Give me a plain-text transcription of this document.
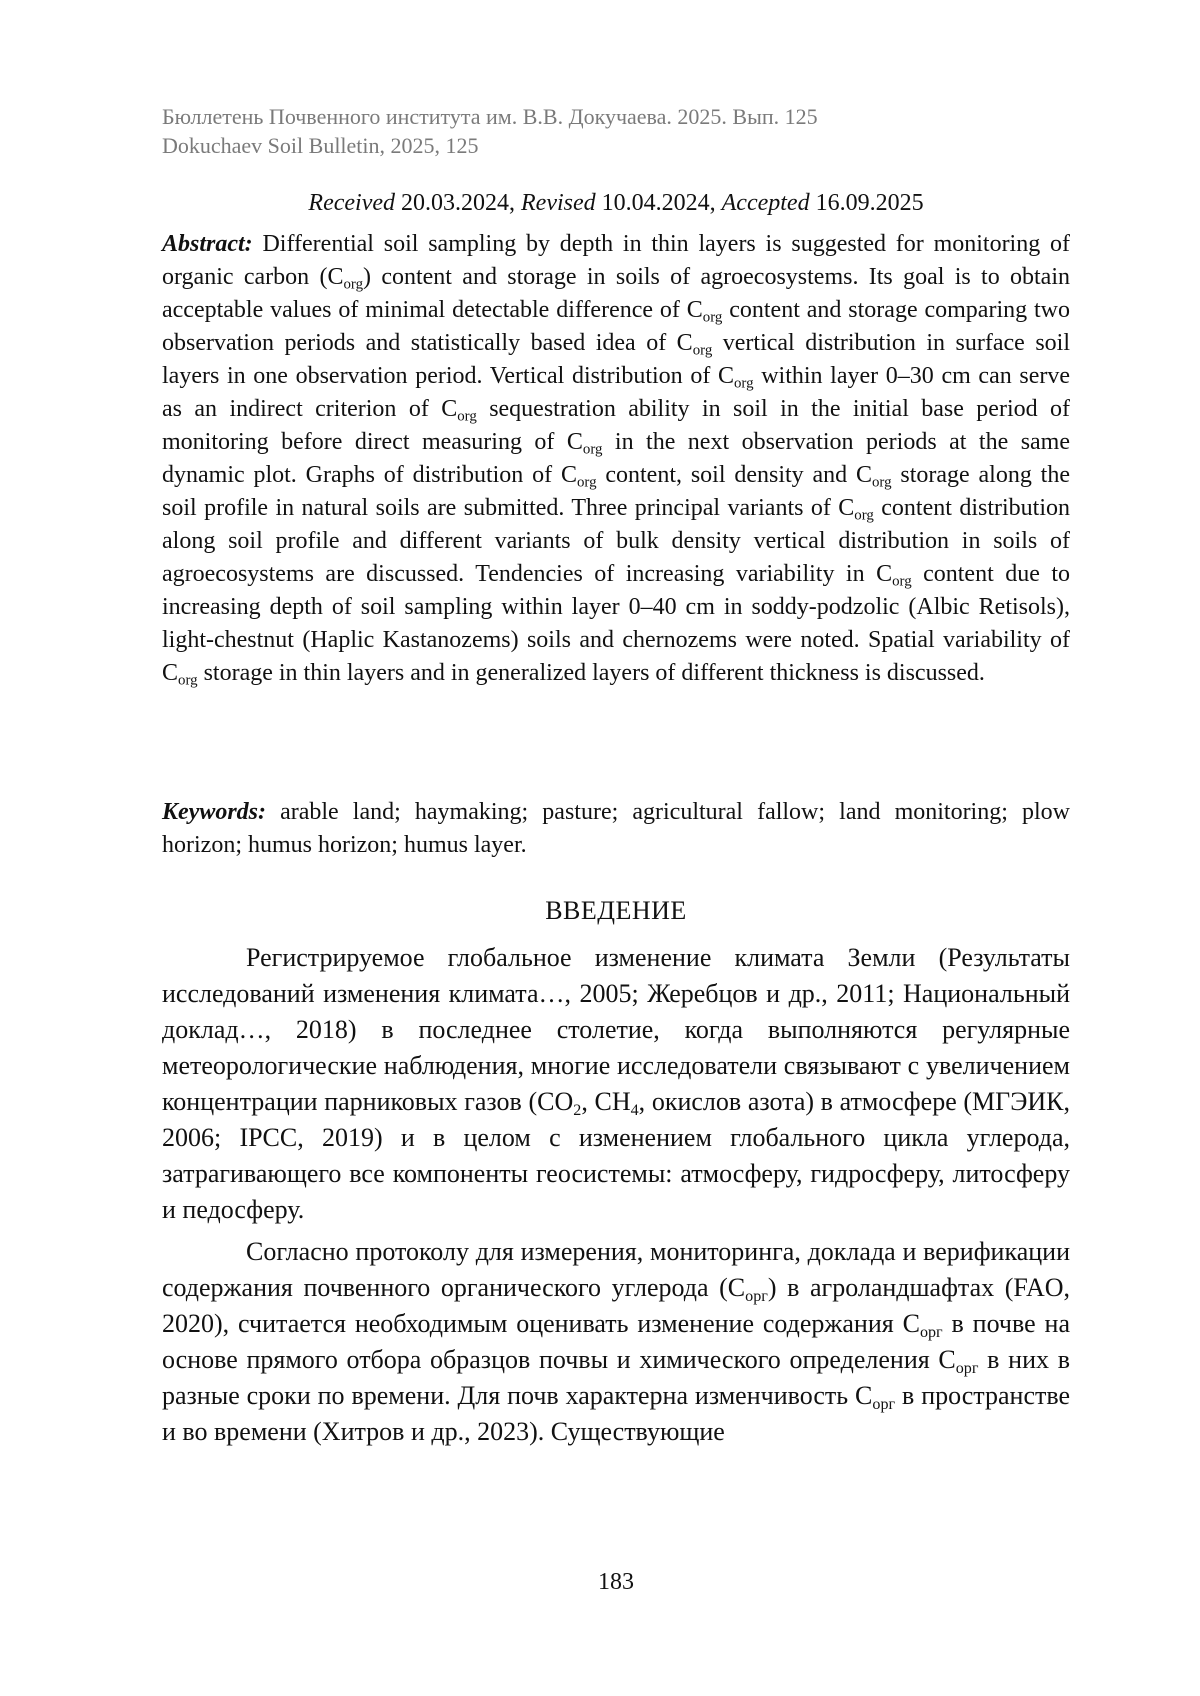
Бюллетень Почвенного института им. В.В. Докучаева. 2025. Вып. 125
Dokuchaev Soil Bulletin, 2025, 125
Received 20.03.2024, Revised 10.04.2024, Accepted 16.09.2025
Abstract: Differential soil sampling by depth in thin layers is suggested for monitoring of organic carbon $(C_{org})$ content and storage in soils of agroecosystems. Its goal is to obtain acceptable values of minimal detectable difference of $C_{org}$ content and storage comparing two observation periods and statistically based idea of $C_{org}$ vertical distribution in surface soil layers in one observation period. Vertical distribution of $C_{org}$ within layer 0–30 cm can serve as an indirect criterion of $C_{org}$ sequestration ability in soil in the initial base period of monitoring before direct measuring of $C_{org}$ in the next observation periods at the same dynamic plot. Graphs of distribution of $C_{org}$ content, soil density and $C_{org}$ storage along the soil profile in natural soils are submitted. Three principal variants of $C_{org}$ content distribution along soil profile and different variants of bulk density vertical distribution in soils of agroecosystems are discussed. Tendencies of increasing variability in $C_{org}$ content due to increasing depth of soil sampling within layer 0–40 cm in soddy-podzolic (Albic Retisols), light-chestnut (Haplic Kastanozems) soils and chernozems were noted. Spatial variability of $C_{org}$ storage in thin layers and in generalized layers of different thickness is discussed.
Keywords: arable land; haymaking; pasture; agricultural fallow; land monitoring; plow horizon; humus horizon; humus layer.
ВВЕДЕНИЕ

Регистрируемое глобальное изменение климата Земли (Результаты исследований изменения климата…, 2005; Жеребцов и др., 2011; Национальный доклад…, 2018) в последнее столетие, когда выполняются регулярные метеорологические наблюдения, многие исследователи связывают с увеличением концентрации парниковых газов ($CO_2$, $CH_4$, окислов азота) в атмосфере (МГЭИК, 2006; IPCC, 2019) и в целом с изменением глобального цикла углерода, затрагивающего все компоненты геосистемы: атмосферу, гидросферу, литосферу и педосферу.

Согласно протоколу для измерения, мониторинга, доклада и верификации содержания почвенного органического углерода $(С_{орг})$ в агроландшафтах (FAO, 2020), считается необходимым оценивать изменение содержания $С_{орг}$ в почве на основе прямого отбора образцов почвы и химического определения $С_{орг}$ в них в разные сроки по времени. Для почв характерна изменчивость $С_{орг}$ в пространстве и во времени (Хитров и др., 2023). Существующие

183
